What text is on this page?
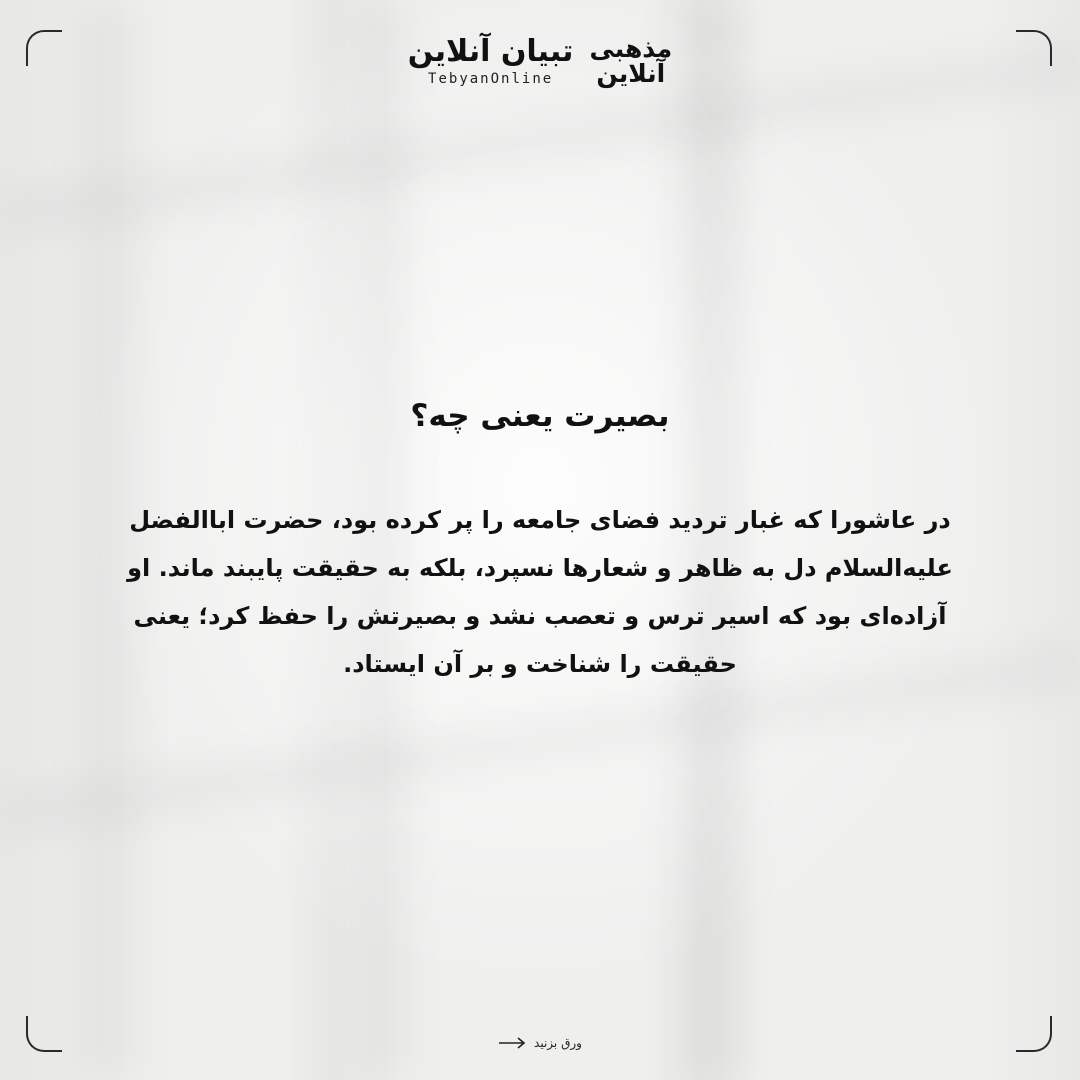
تبیان آنلاین
TebyanOnline
مذهبی
آنلاین
بصیرت یعنی چه؟
در عاشورا که غبار تردید فضای جامعه را پر کرده بود، حضرت اباالفضل علیه‌السلام دل به ظاهر و شعارها نسپرد، بلکه به حقیقت پایبند ماند. او آزاده‌ای بود که اسیر ترس و تعصب نشد و بصیرتش را حفظ کرد؛ یعنی حقیقت را شناخت و بر آن ایستاد.
ورق بزنید
